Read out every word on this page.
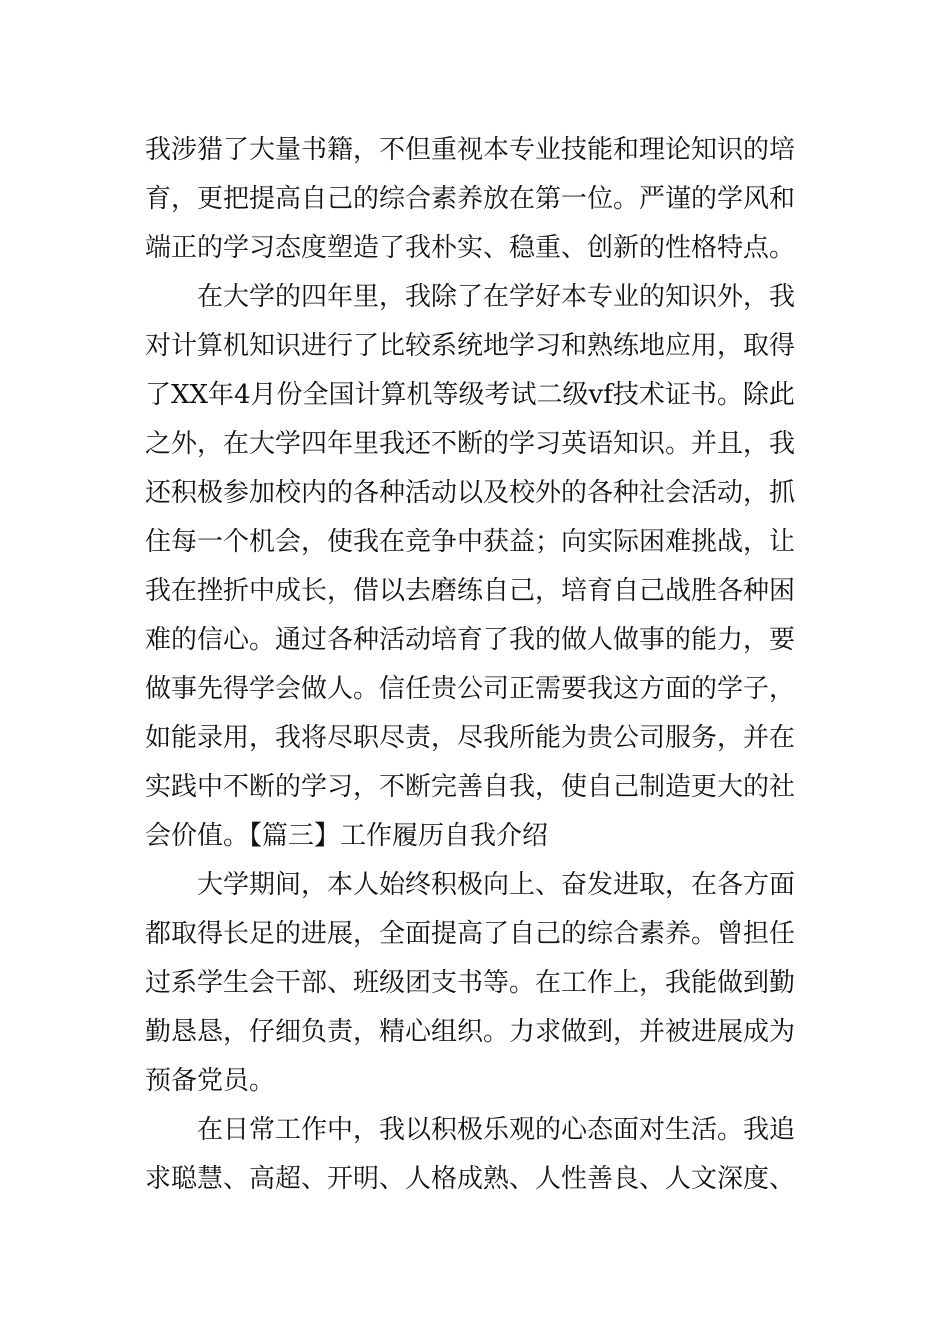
我涉猎了大量书籍，不但重视本专业技能和理论知识的培
育，更把提高自己的综合素养放在第一位。严谨的学风和
端正的学习态度塑造了我朴实、稳重、创新的性格特点。
在大学的四年里，我除了在学好本专业的知识外，我
对计算机知识进行了比较系统地学习和熟练地应用，取得
了XX年4月份全国计算机等级考试二级vf技术证书。除此
之外，在大学四年里我还不断的学习英语知识。并且，我
还积极参加校内的各种活动以及校外的各种社会活动，抓
住每一个机会，使我在竞争中获益；向实际困难挑战，让
我在挫折中成长，借以去磨练自己，培育自己战胜各种困
难的信心。通过各种活动培育了我的做人做事的能力，要
做事先得学会做人。信任贵公司正需要我这方面的学子，
如能录用，我将尽职尽责，尽我所能为贵公司服务，并在
实践中不断的学习，不断完善自我，使自己制造更大的社
会价值。【篇三】工作履历自我介绍
大学期间，本人始终积极向上、奋发进取，在各方面
都取得长足的进展，全面提高了自己的综合素养。曾担任
过系学生会干部、班级团支书等。在工作上，我能做到勤
勤恳恳，仔细负责，精心组织。力求做到，并被进展成为
预备党员。
在日常工作中，我以积极乐观的心态面对生活。我追
求聪慧、高超、开明、人格成熟、人性善良、人文深度、
